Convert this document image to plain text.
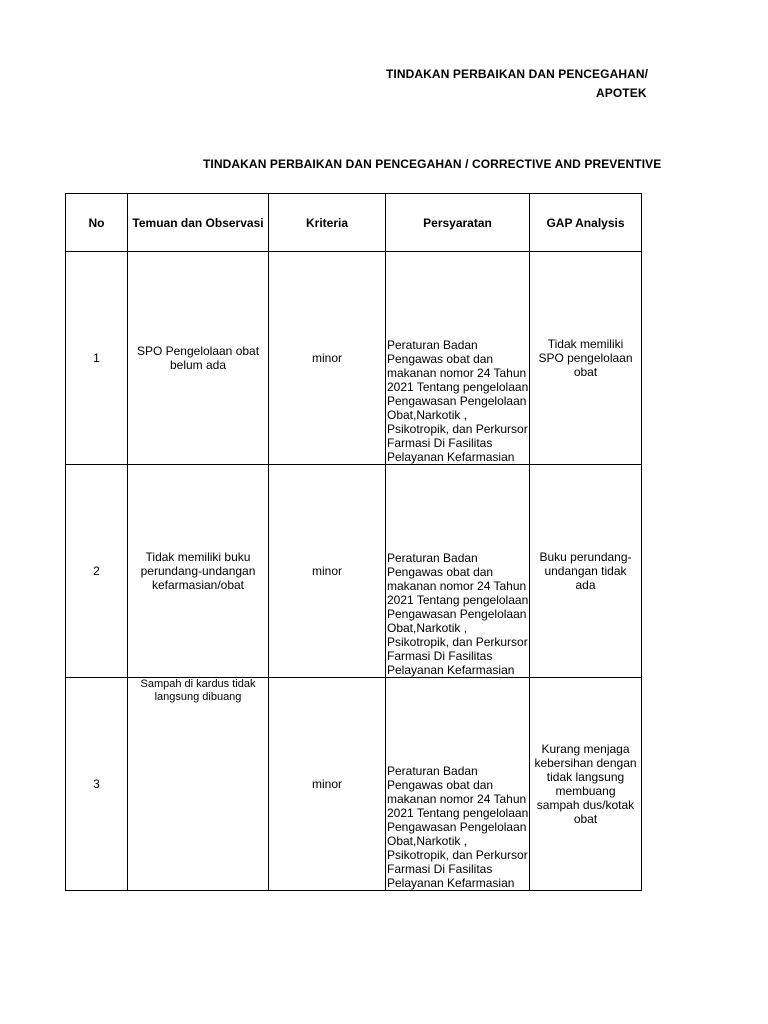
TINDAKAN PERBAIKAN DAN PENCEGAHAN/
APOTEK
TINDAKAN PERBAIKAN DAN PENCEGAHAN / CORRECTIVE AND PREVENTIVE
No	Temuan dan Observasi	Kriteria	Persyaratan	GAP Analysis

1	SPO Pengelolaan obat belum ada	minor	Peraturan Badan Pengawas obat dan makanan nomor 24 Tahun 2021 Tentang pengelolaan Pengawasan Pengelolaan Obat,Narkotik , Psikotropik, dan Perkursor Farmasi Di Fasilitas Pelayanan Kefarmasian	Tidak memiliki SPO pengelolaan obat

2	Tidak memiliki buku perundang-undangan kefarmasian/obat	minor	Peraturan Badan Pengawas obat dan makanan nomor 24 Tahun 2021 Tentang pengelolaan Pengawasan Pengelolaan Obat,Narkotik , Psikotropik, dan Perkursor Farmasi Di Fasilitas Pelayanan Kefarmasian	Buku perundang-undangan tidak ada

3	Sampah di kardus tidak langsung dibuang	minor	Peraturan Badan Pengawas obat dan makanan nomor 24 Tahun 2021 Tentang pengelolaan Pengawasan Pengelolaan Obat,Narkotik , Psikotropik, dan Perkursor Farmasi Di Fasilitas Pelayanan Kefarmasian	Kurang menjaga kebersihan dengan tidak langsung membuang sampah dus/kotak obat
